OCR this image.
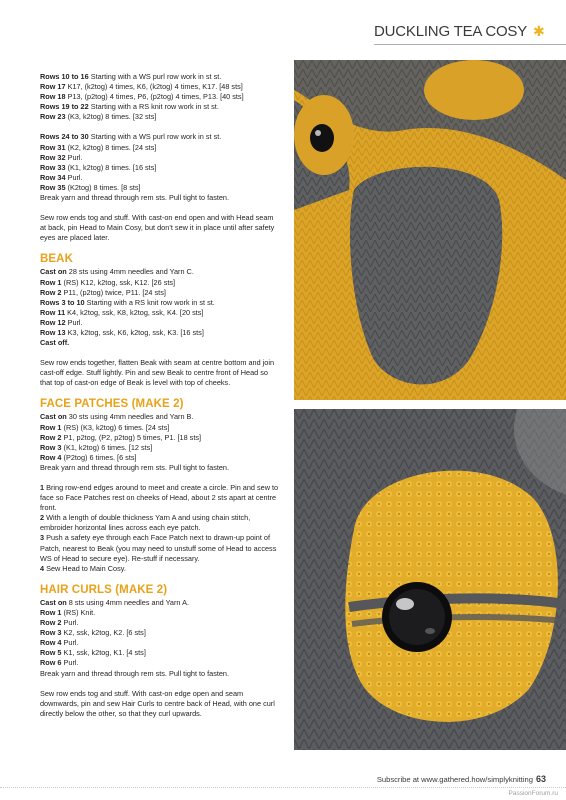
DUCKLING TEA COSY ✱

Rows 10 to 16 Starting with a WS purl row work in st st.

Row 17 K17, (k2tog) 4 times, K6, (k2tog) 4 times, K17. [48 sts]

Row 18 P13, (p2tog) 4 times, P6, (p2tog) 4 times, P13. [40 sts]

Rows 19 to 22 Starting with a RS knit row work in st st.

Row 23 (K3, k2tog) 8 times. [32 sts]

Rows 24 to 30 Starting with a WS purl row work in st st.

Row 31 (K2, k2tog) 8 times. [24 sts]

Row 32 Purl.

Row 33 (K1, k2tog) 8 times. [16 sts]

Row 34 Purl.

Row 35 (K2tog) 8 times. [8 sts]

Break yarn and thread through rem sts. Pull tight to fasten.

Sew row ends tog and stuff. With cast-on end open and with Head seam at back, pin Head to Main Cosy, but don’t sew it in place until after safety eyes are placed later.

BEAK

Cast on 28 sts using 4mm needles and Yarn C.

Row 1 (RS) K12, k2tog, ssk, K12. [26 sts]

Row 2 P11, (p2tog) twice, P11. [24 sts]

Rows 3 to 10 Starting with a RS knit row work in st st.

Row 11 K4, k2tog, ssk, K8, k2tog, ssk, K4. [20 sts]

Row 12 Purl.

Row 13 K3, k2tog, ssk, K6, k2tog, ssk, K3. [16 sts]

Cast off.

Sew row ends together, flatten Beak with seam at centre bottom and join cast-off edge. Stuff lightly. Pin and sew Beak to centre front of Head so that top of cast-on edge of Beak is level with top of cheeks.

FACE PATCHES (MAKE 2)

Cast on 30 sts using 4mm needles and Yarn B.

Row 1 (RS) (K3, k2tog) 6 times. [24 sts]

Row 2 P1, p2tog, (P2, p2tog) 5 times, P1. [18 sts]

Row 3 (K1, k2tog) 6 times. [12 sts]

Row 4 (P2tog) 6 times. [6 sts]

Break yarn and thread through rem sts. Pull tight to fasten.

1 Bring row-end edges around to meet and create a circle. Pin and sew to face so Face Patches rest on cheeks of Head, about 2 sts apart at centre front.

2 With a length of double thickness Yarn A and using chain stitch, embroider horizontal lines across each eye patch.

3 Push a safety eye through each Face Patch next to drawn-up point of Patch, nearest to Beak (you may need to unstuff some of Head to access WS of Head to secure eye). Re-stuff if necessary.

4 Sew Head to Main Cosy.

HAIR CURLS (MAKE 2)

Cast on 8 sts using 4mm needles and Yarn A.

Row 1 (RS) Knit.

Row 2 Purl.

Row 3 K2, ssk, k2tog, K2. [6 sts]

Row 4 Purl.

Row 5 K1, ssk, k2tog, K1. [4 sts]

Row 6 Purl.

Break yarn and thread through rem sts. Pull tight to fasten.

Sew row ends tog and stuff. With cast-on edge open and seam downwards, pin and sew Hair Curls to centre back of Head, with one curl directly below the other, so that they curl upwards.

Subscribe at www.gathered.how/simplyknitting 63
PassionForum.ru
